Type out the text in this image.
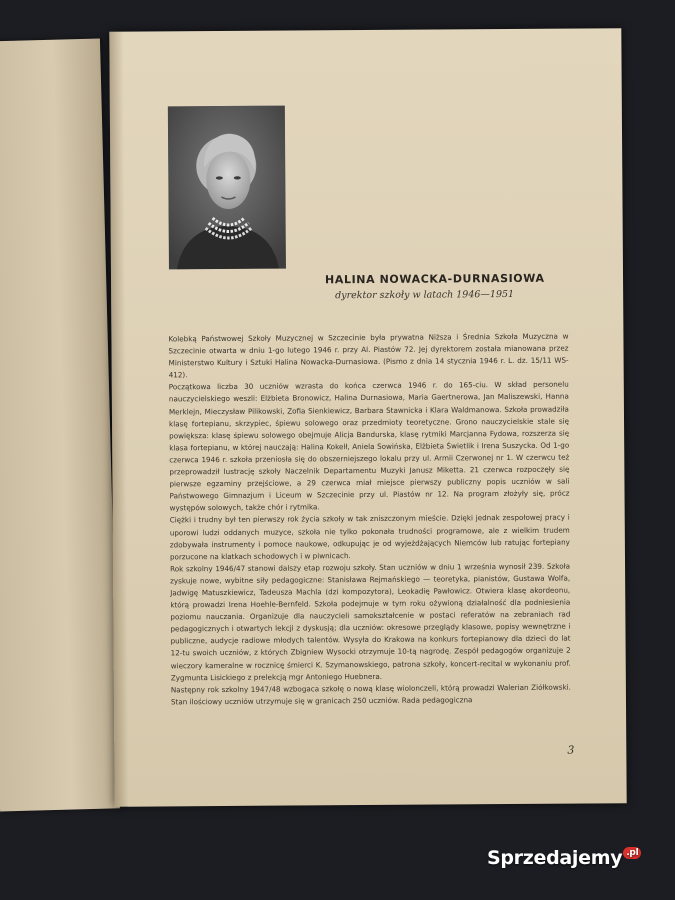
HALINA NOWACKA-DURNASIOWA
dyrektor szkoły w latach 1946—1951

Kolebką Państwowej Szkoły Muzycznej w Szczecinie była prywatna Niższa i Średnia Szkoła Muzyczna w Szczecinie otwarta w dniu 1-go lutego 1946 r. przy Al. Piastów 72. Jej dyrektorem została mianowana przez Ministerstwo Kultury i Sztuki Halina Nowacka-Durnasiowa. (Pismo z dnia 14 stycznia 1946 r. L. dz. 15/11 WS-412).

Początkowa liczba 30 uczniów wzrasta do końca czerwca 1946 r. do 165-ciu. W skład personelu nauczycielskiego weszli: Elżbieta Bronowicz, Halina Durnasiowa, Maria Gaertnerowa, Jan Maliszewski, Hanna Merklejn, Mieczysław Pilikowski, Zofia Sienkiewicz, Barbara Stawnicka i Klara Waldmanowa. Szkoła prowadziła klasę fortepianu, skrzypiec, śpiewu solowego oraz przedmioty teoretyczne. Grono nauczycielskie stale się powiększa: klasę śpiewu solowego obejmuje Alicja Bandurska, klasę rytmiki Marcjanna Fydowa, rozszerza się klasa fortepianu, w której nauczają: Halina Kokelł, Aniela Sowińska, Elżbieta Świetlik i Irena Suszycka. Od 1-go czerwca 1946 r. szkoła przeniosła się do obszerniejszego lokalu przy ul. Armii Czerwonej nr 1. W czerwcu też przeprowadził lustrację szkoły Naczelnik Departamentu Muzyki Janusz Miketta. 21 czerwca rozpoczęły się pierwsze egzaminy przejściowe, a 29 czerwca miał miejsce pierwszy publiczny popis uczniów w sali Państwowego Gimnazjum i Liceum w Szczecinie przy ul. Piastów nr 12. Na program złożyły się, prócz występów solowych, także chór i rytmika.

Ciężki i trudny był ten pierwszy rok życia szkoły w tak zniszczonym mieście. Dzięki jednak zespołowej pracy i uporowi ludzi oddanych muzyce, szkoła nie tylko pokonała trudności programowe, ale z wielkim trudem zdobywała instrumenty i pomoce naukowe, odkupując je od wyjeżdżających Niemców lub ratując fortepiany porzucone na klatkach schodowych i w piwnicach.

Rok szkolny 1946/47 stanowi dalszy etap rozwoju szkoły. Stan uczniów w dniu 1 września wynosił 239. Szkoła zyskuje nowe, wybitne siły pedagogiczne: Stanisława Rejmańskiego — teoretyka, pianistów, Gustawa Wolfa, Jadwigę Matuszkiewicz, Tadeusza Machla (dzi kompozytora), Leokadię Pawłowicz. Otwiera klasę akordeonu, którą prowadzi Irena Hoehle-Bernfeld. Szkoła podejmuje w tym roku ożywioną działalność dla podniesienia poziomu nauczania. Organizuje dla nauczycieli samokształcenie w postaci referatów na zebraniach rad pedagogicznych i otwartych lekcji z dyskusją; dla uczniów: okresowe przeglądy klasowe, popisy wewnętrzne i publiczne, audycje radiowe młodych talentów. Wysyła do Krakowa na konkurs fortepianowy dla dzieci do lat 12-tu swoich uczniów, z których Zbigniew Wysocki otrzymuje 10-tą nagrodę. Zespół pedagogów organizuje 2 wieczory kameralne w rocznicę śmierci K. Szymanowskiego, patrona szkoły, koncert-recital w wykonaniu prof. Zygmunta Lisickiego z prelekcją mgr Antoniego Huebnera.

Następny rok szkolny 1947/48 wzbogaca szkołę o nową klasę wiolonczeli, którą prowadzi Walerian Ziółkowski. Stan ilościowy uczniów utrzymuje się w granicach 250 uczniów. Rada pedagogiczna

3
Sprzedajemy .pl
